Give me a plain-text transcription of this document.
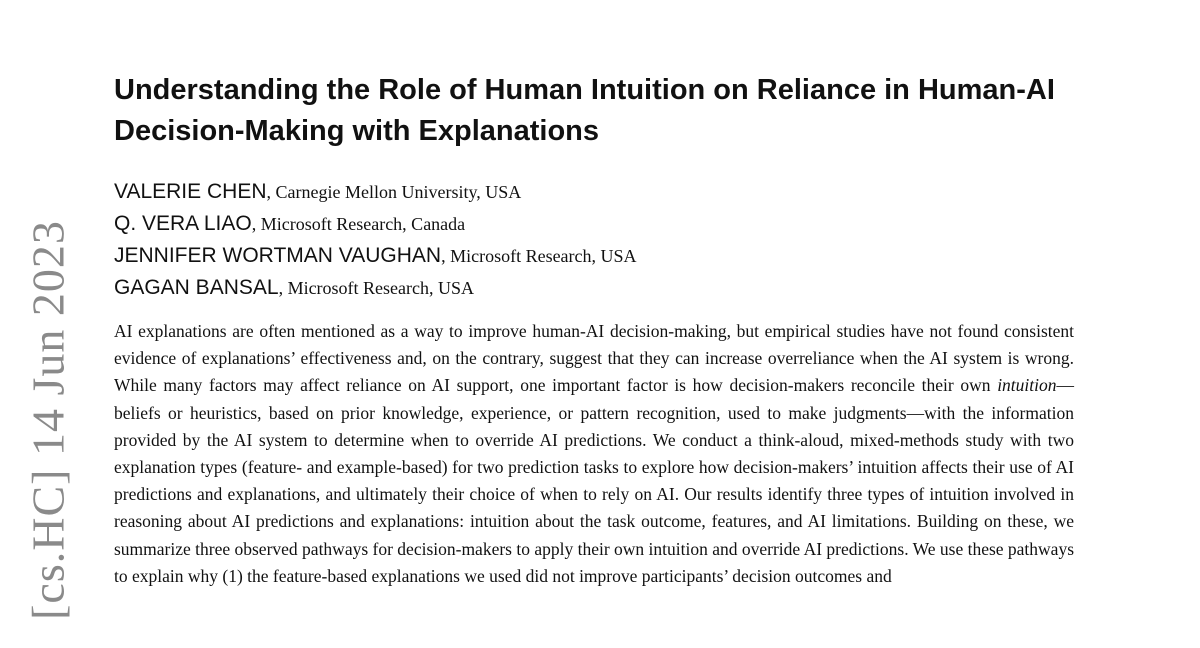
[cs.HC] 14 Jun 2023
Understanding the Role of Human Intuition on Reliance in Human-AI Decision-Making with Explanations
VALERIE CHEN, Carnegie Mellon University, USA
Q. VERA LIAO, Microsoft Research, Canada
JENNIFER WORTMAN VAUGHAN, Microsoft Research, USA
GAGAN BANSAL, Microsoft Research, USA

AI explanations are often mentioned as a way to improve human-AI decision-making, but empirical studies have not found consistent evidence of explanations’ effectiveness and, on the contrary, suggest that they can increase overreliance when the AI system is wrong. While many factors may affect reliance on AI support, one important factor is how decision-makers reconcile their own intuition—beliefs or heuristics, based on prior knowledge, experience, or pattern recognition, used to make judgments—with the information provided by the AI system to determine when to override AI predictions. We conduct a think-aloud, mixed-methods study with two explanation types (feature- and example-based) for two prediction tasks to explore how decision-makers’ intuition affects their use of AI predictions and explanations, and ultimately their choice of when to rely on AI. Our results identify three types of intuition involved in reasoning about AI predictions and explanations: intuition about the task outcome, features, and AI limitations. Building on these, we summarize three observed pathways for decision-makers to apply their own intuition and override AI predictions. We use these pathways to explain why (1) the feature-based explanations we used did not improve participants’ decision outcomes and
